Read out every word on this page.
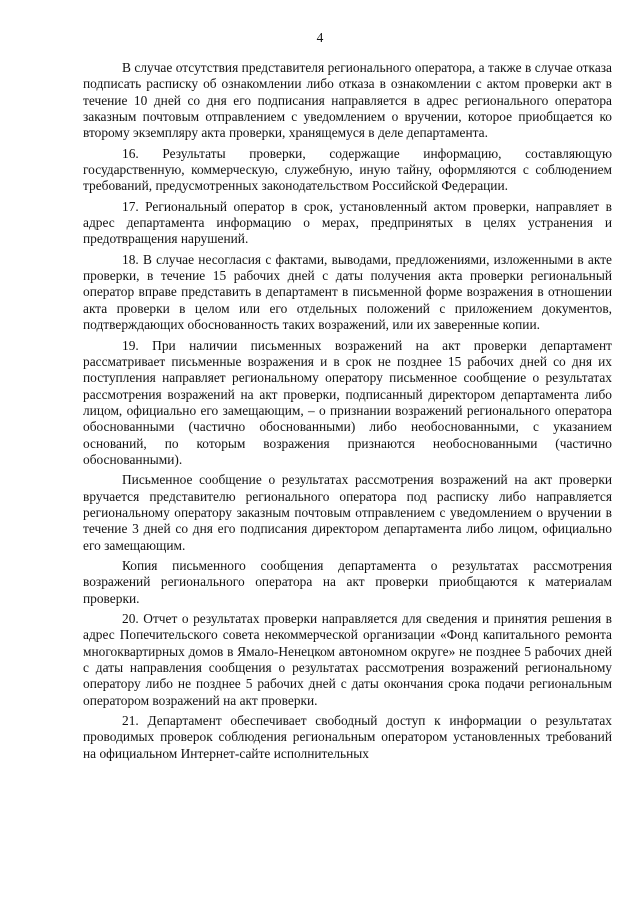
4

В случае отсутствия представителя регионального оператора, а также в случае отказа подписать расписку об ознакомлении либо отказа в ознакомлении с актом проверки акт в течение 10 дней со дня его подписания направляется в адрес регионального оператора заказным почтовым отправлением с уведомлением о вручении, которое приобщается ко второму экземпляру акта проверки, хранящемуся в деле департамента.

16. Результаты проверки, содержащие информацию, составляющую государственную, коммерческую, служебную, иную тайну, оформляются с соблюдением требований, предусмотренных законодательством Российской Федерации.

17. Региональный оператор в срок, установленный актом проверки, направляет в адрес департамента информацию о мерах, предпринятых в целях устранения и предотвращения нарушений.

18. В случае несогласия с фактами, выводами, предложениями, изложенными в акте проверки, в течение 15 рабочих дней с даты получения акта проверки региональный оператор вправе представить в департамент в письменной форме возражения в отношении акта проверки в целом или его отдельных положений с приложением документов, подтверждающих обоснованность таких возражений, или их заверенные копии.

19. При наличии письменных возражений на акт проверки департамент рассматривает письменные возражения и в срок не позднее 15 рабочих дней со дня их поступления направляет региональному оператору письменное сообщение о результатах рассмотрения возражений на акт проверки, подписанный директором департамента либо лицом, официально его замещающим, – о признании возражений регионального оператора обоснованными (частично обоснованными) либо необоснованными, с указанием оснований, по которым возражения признаются необоснованными (частично обоснованными).

Письменное сообщение о результатах рассмотрения возражений на акт проверки вручается представителю регионального оператора под расписку либо направляется региональному оператору заказным почтовым отправлением с уведомлением о вручении в течение 3 дней со дня его подписания директором департамента либо лицом, официально его замещающим.

Копия письменного сообщения департамента о результатах рассмотрения возражений регионального оператора на акт проверки приобщаются к материалам проверки.

20. Отчет о результатах проверки направляется для сведения и принятия решения в адрес Попечительского совета некоммерческой организации «Фонд капитального ремонта многоквартирных домов в Ямало-Ненецком автономном округе» не позднее 5 рабочих дней с даты направления сообщения о результатах рассмотрения возражений региональному оператору либо не позднее 5 рабочих дней с даты окончания срока подачи региональным оператором возражений на акт проверки.

21. Департамент обеспечивает свободный доступ к информации о результатах проводимых проверок соблюдения региональным оператором установленных требований на официальном Интернет-сайте исполнительных
